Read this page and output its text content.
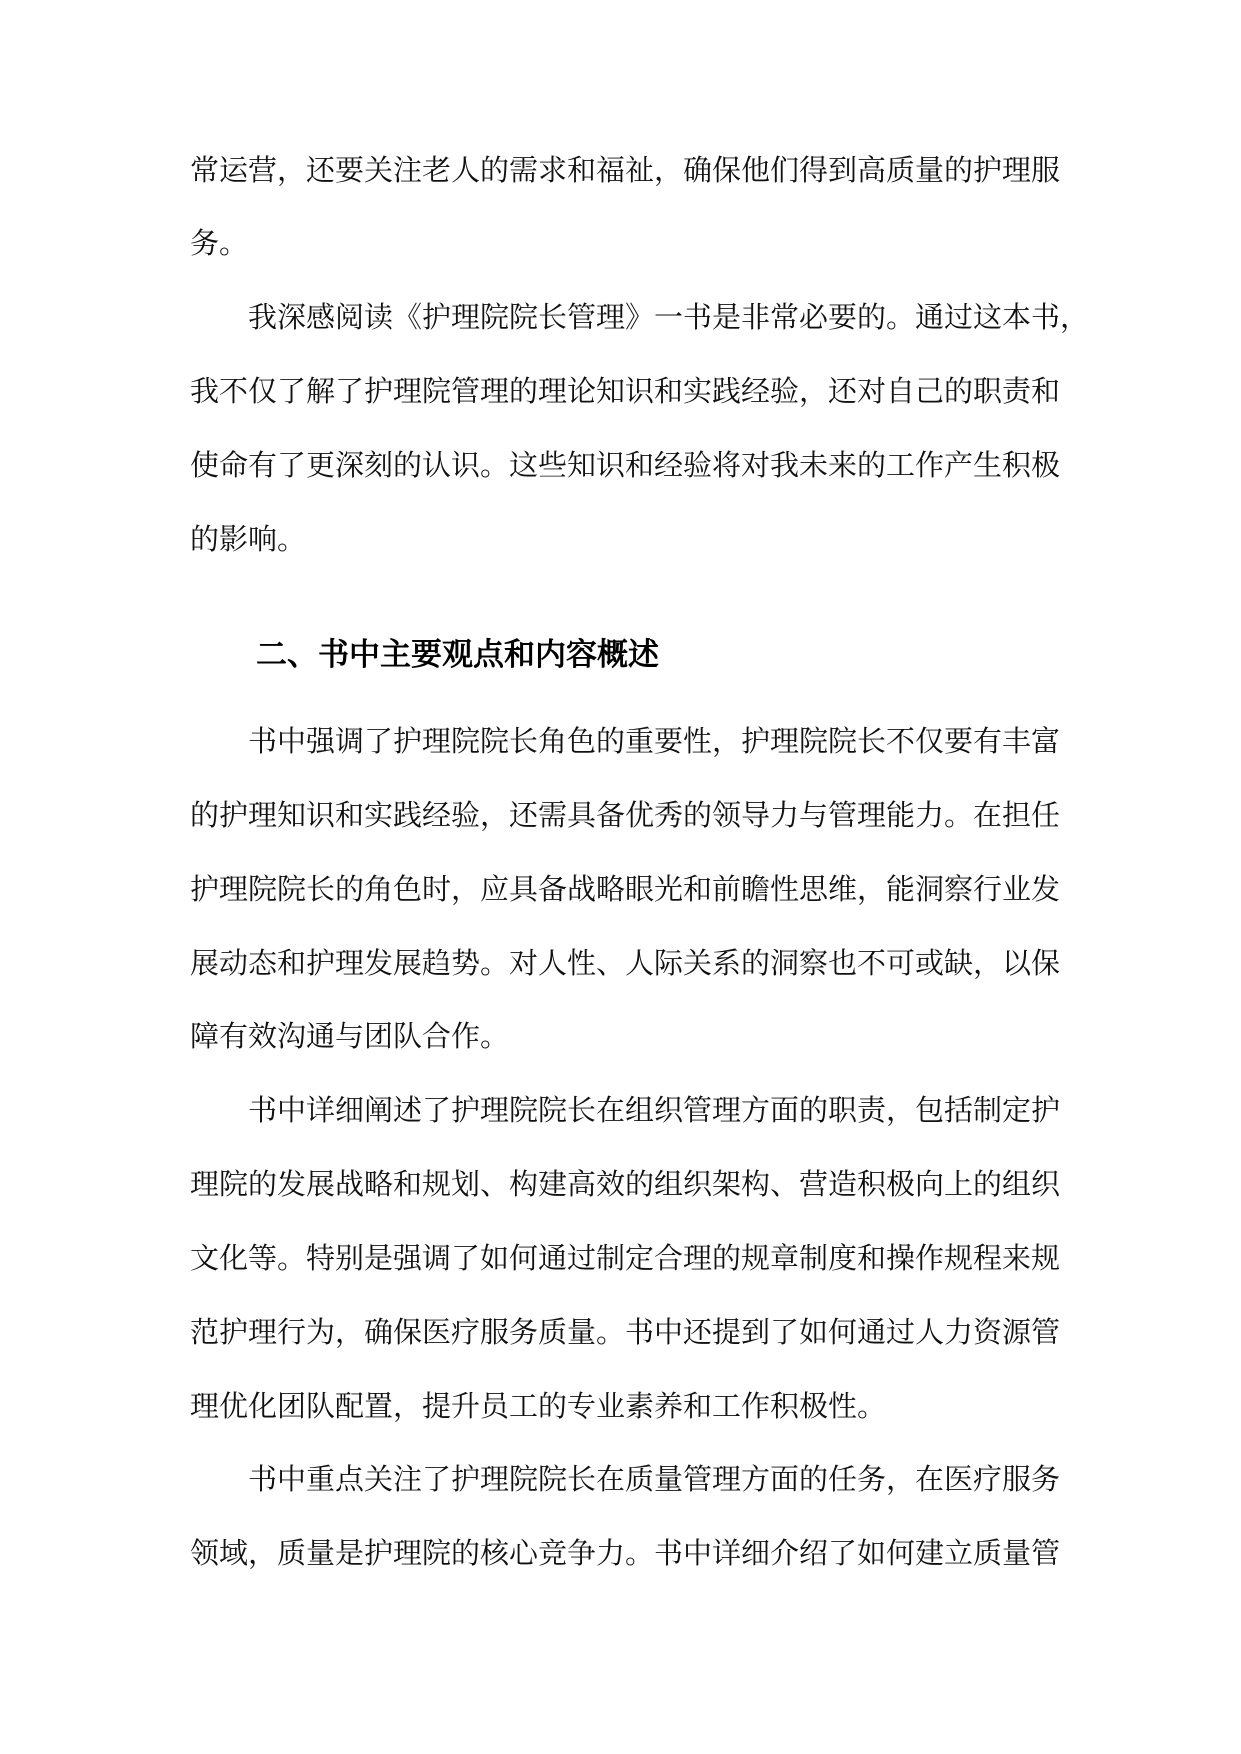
常运营，还要关注老人的需求和福祉，确保他们得到高质量的护理服

务。

我深感阅读《护理院院长管理》一书是非常必要的。通过这本书，

我不仅了解了护理院管理的理论知识和实践经验，还对自己的职责和

使命有了更深刻的认识。这些知识和经验将对我未来的工作产生积极

的影响。

二、书中主要观点和内容概述

书中强调了护理院院长角色的重要性，护理院院长不仅要有丰富

的护理知识和实践经验，还需具备优秀的领导力与管理能力。在担任

护理院院长的角色时，应具备战略眼光和前瞻性思维，能洞察行业发

展动态和护理发展趋势。对人性、人际关系的洞察也不可或缺，以保

障有效沟通与团队合作。

书中详细阐述了护理院院长在组织管理方面的职责，包括制定护

理院的发展战略和规划、构建高效的组织架构、营造积极向上的组织

文化等。特别是强调了如何通过制定合理的规章制度和操作规程来规

范护理行为，确保医疗服务质量。书中还提到了如何通过人力资源管

理优化团队配置，提升员工的专业素养和工作积极性。

书中重点关注了护理院院长在质量管理方面的任务，在医疗服务

领域，质量是护理院的核心竞争力。书中详细介绍了如何建立质量管
